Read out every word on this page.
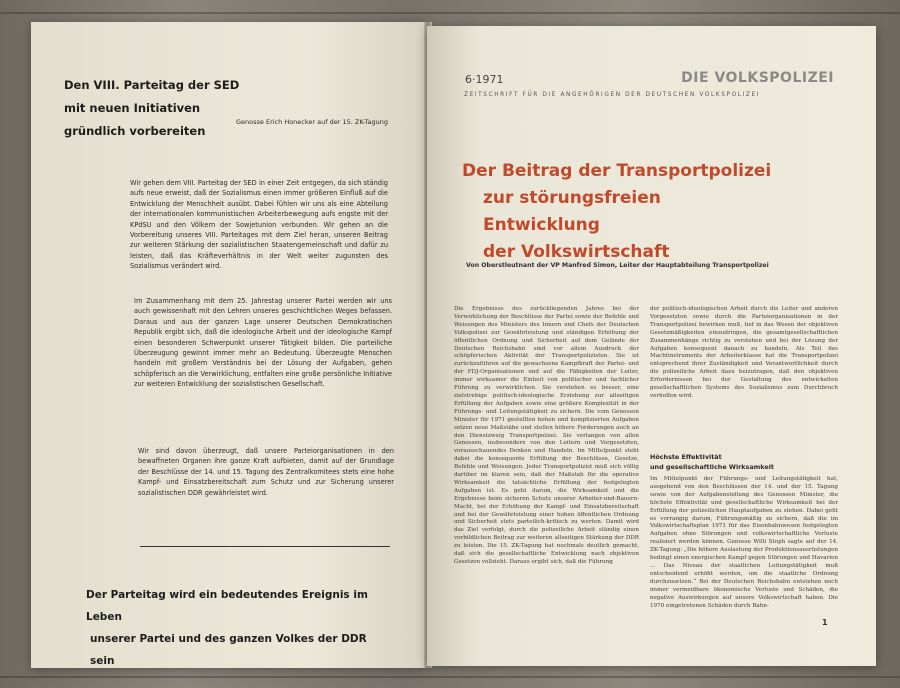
Den VIII. Parteitag der SED
mit neuen Initiativen
gründlich vorbereiten
Genosse Erich Honecker auf der 15. ZK-Tagung
Wir gehen dem VIII. Parteitag der SED in einer Zeit entgegen, da sich ständig aufs neue erweist, daß der Sozialismus einen immer größeren Einfluß auf die Entwicklung der Menschheit ausübt. Dabei fühlen wir uns als eine Abteilung der internationalen kommunistischen Arbeiterbewegung aufs engste mit der KPdSU und den Völkern der Sowjetunion verbunden. Wir gehen an die Vorbereitung unseres VIII. Parteitages mit dem Ziel heran, unseren Beitrag zur weiteren Stärkung der sozialistischen Staatengemeinschaft und dafür zu leisten, daß das Kräfteverhältnis in der Welt weiter zugunsten des Sozialismus verändert wird.
Im Zusammenhang mit dem 25. Jahrestag unserer Partei werden wir uns auch gewissenhaft mit den Lehren unseres geschichtlichen Weges befassen. Daraus und aus der ganzen Lage unserer Deutschen Demokratischen Republik ergibt sich, daß die ideologische Arbeit und der ideologische Kampf einen besonderen Schwerpunkt unserer Tätigkeit bilden. Die parteiliche Überzeugung gewinnt immer mehr an Bedeutung. Überzeugte Menschen handeln mit großem Verständnis bei der Lösung der Aufgaben, gehen schöpferisch an die Verwirklichung, entfalten eine große persönliche Initiative zur weiteren Entwicklung der sozialistischen Gesellschaft.
Wir sind davon überzeugt, daß unsere Parteiorganisationen in den bewaffneten Organen ihre ganze Kraft aufbieten, damit auf der Grundlage der Beschlüsse der 14. und 15. Tagung des Zentralkomitees stets eine hohe Kampf- und Einsatzbereitschaft zum Schutz und zur Sicherung unserer sozialistischen DDR gewährleistet wird.
Der Parteitag wird ein bedeutendes Ereignis im Leben
unserer Partei und des ganzen Volkes der DDR sein
6·1971	DIE VOLKSPOLIZEI
ZEITSCHRIFT FÜR DIE ANGEHÖRIGEN DER DEUTSCHEN VOLKSPOLIZEI
Der Beitrag der Transportpolizei
zur störungsfreien Entwicklung
der Volkswirtschaft
Von Oberstleutnant der VP Manfred Simon, Leiter der Hauptabteilung Transportpolizei
Die Ergebnisse des zurückliegenden Jahres bei der Verwirklichung der Beschlüsse der Partei sowie der Befehle und Weisungen des Ministers des Innern und Chefs der Deutschen Volkspolizei zur Gewährleistung und ständigen Erhöhung der öffentlichen Ordnung und Sicherheit auf dem Gelände der Deutschen Reichsbahn sind vor allem Ausdruck der schöpferischen Aktivität der Transportpolizisten. Sie ist zurückzuführen auf die gewachsene Kampfkraft der Partei- und der FDJ-Organisationen und auf die Fähigkeiten der Leiter, immer wirksamer die Einheit von politischer und fachlicher Führung zu verwirklichen. Sie verstehen es besser, eine zielstrebige politisch-ideologische Erziehung zur allseitigen Erfüllung der Aufgaben sowie eine größere Komplexität in der Führungs- und Leitungstätigkeit zu sichern. Die vom Genossen Minister für 1971 gestellten hohen und komplizierten Aufgaben setzen neue Maßstäbe und stellen höhere Forderungen auch an den Dienstzweig Transportpolizei. Sie verlangen von allen Genossen, insbesondere von den Leitern und Vorgesetzten, vorausschauendes Denken und Handeln. Im Mittelpunkt steht dabei die konsequente Erfüllung der Beschlüsse, Gesetze, Befehle und Weisungen. Jeder Transportpolizist muß sich völlig darüber im klaren sein, daß der Maßstab für die operative Wirksamkeit die tatsächliche Erfüllung der festgelegten Aufgaben ist. Es geht darum, die Wirksamkeit und die Ergebnisse beim sicheren Schutz unserer Arbeiter-und-Bauern-Macht, bei der Erhöhung der Kampf- und Einsatzbereitschaft und bei der Gewährleistung einer hohen öffentlichen Ordnung und Sicherheit stets parteilich-kritisch zu werten. Damit wird das Ziel verfolgt, durch die polizeiliche Arbeit ständig einen vorbildlichen Beitrag zur weiteren allseitigen Stärkung der DDR zu leisten. Die 15. ZK-Tagung hat nochmals deutlich gemacht, daß sich die gesellschaftliche Entwicklung nach objektiven Gesetzen vollzieht. Daraus ergibt sich, daß die Führung
der politisch-ideologischen Arbeit durch die Leiter und anderen Vorgesetzten sowie durch die Parteiorganisationen in der Transportpolizei bewirken muß, tief in das Wesen der objektiven Gesetzmäßigkeiten einzudringen, die gesamtgesellschaftlichen Zusammenhänge richtig zu verstehen und bei der Lösung der Aufgaben konsequent danach zu handeln. Als Teil des Machtinstruments der Arbeiterklasse hat die Transportpolizei entsprechend ihrer Zuständigkeit und Verantwortlichkeit durch die polizeiliche Arbeit dazu beizutragen, daß den objektiven Erfordernissen bei der Gestaltung des entwickelten gesellschaftlichen Systems des Sozialismus zum Durchbruch verholfen wird.
Höchste Effektivität
und gesellschaftliche Wirksamkeit
Im Mittelpunkt der Führungs- und Leitungstätigkeit hat, ausgehend von den Beschlüssen der 14. und der 15. Tagung sowie von der Aufgabenstellung des Genossen Minister, die höchste Effektivität und gesellschaftliche Wirksamkeit bei der Erfüllung der polizeilichen Hauptaufgaben zu stehen. Dabei geht es vorrangig darum, Führungsmäßig zu sichern, daß die im Volkswirtschaftsplan 1971 für das Eisenbahnwesen festgelegten Aufgaben ohne Störungen und volkswirtschaftliche Verluste realisiert werden können. Genosse Willi Stoph sagte auf der 14. ZK-Tagung: „Die höhere Auslastung der Produktionsausrüstungen bedingt einen energischen Kampf gegen Störungen und Havarien ... Das Niveau der staatlichen Leitungstätigkeit muß entscheidend erhöht werden, um die staatliche Ordnung durchzusetzen.“ Bei der Deutschen Reichsbahn entstehen noch immer vermeidbare ökonomische Verluste und Schäden, die negative Auswirkungen auf unsere Volkswirtschaft haben. Die 1970 eingetretenen Schäden durch Bahn-
1
